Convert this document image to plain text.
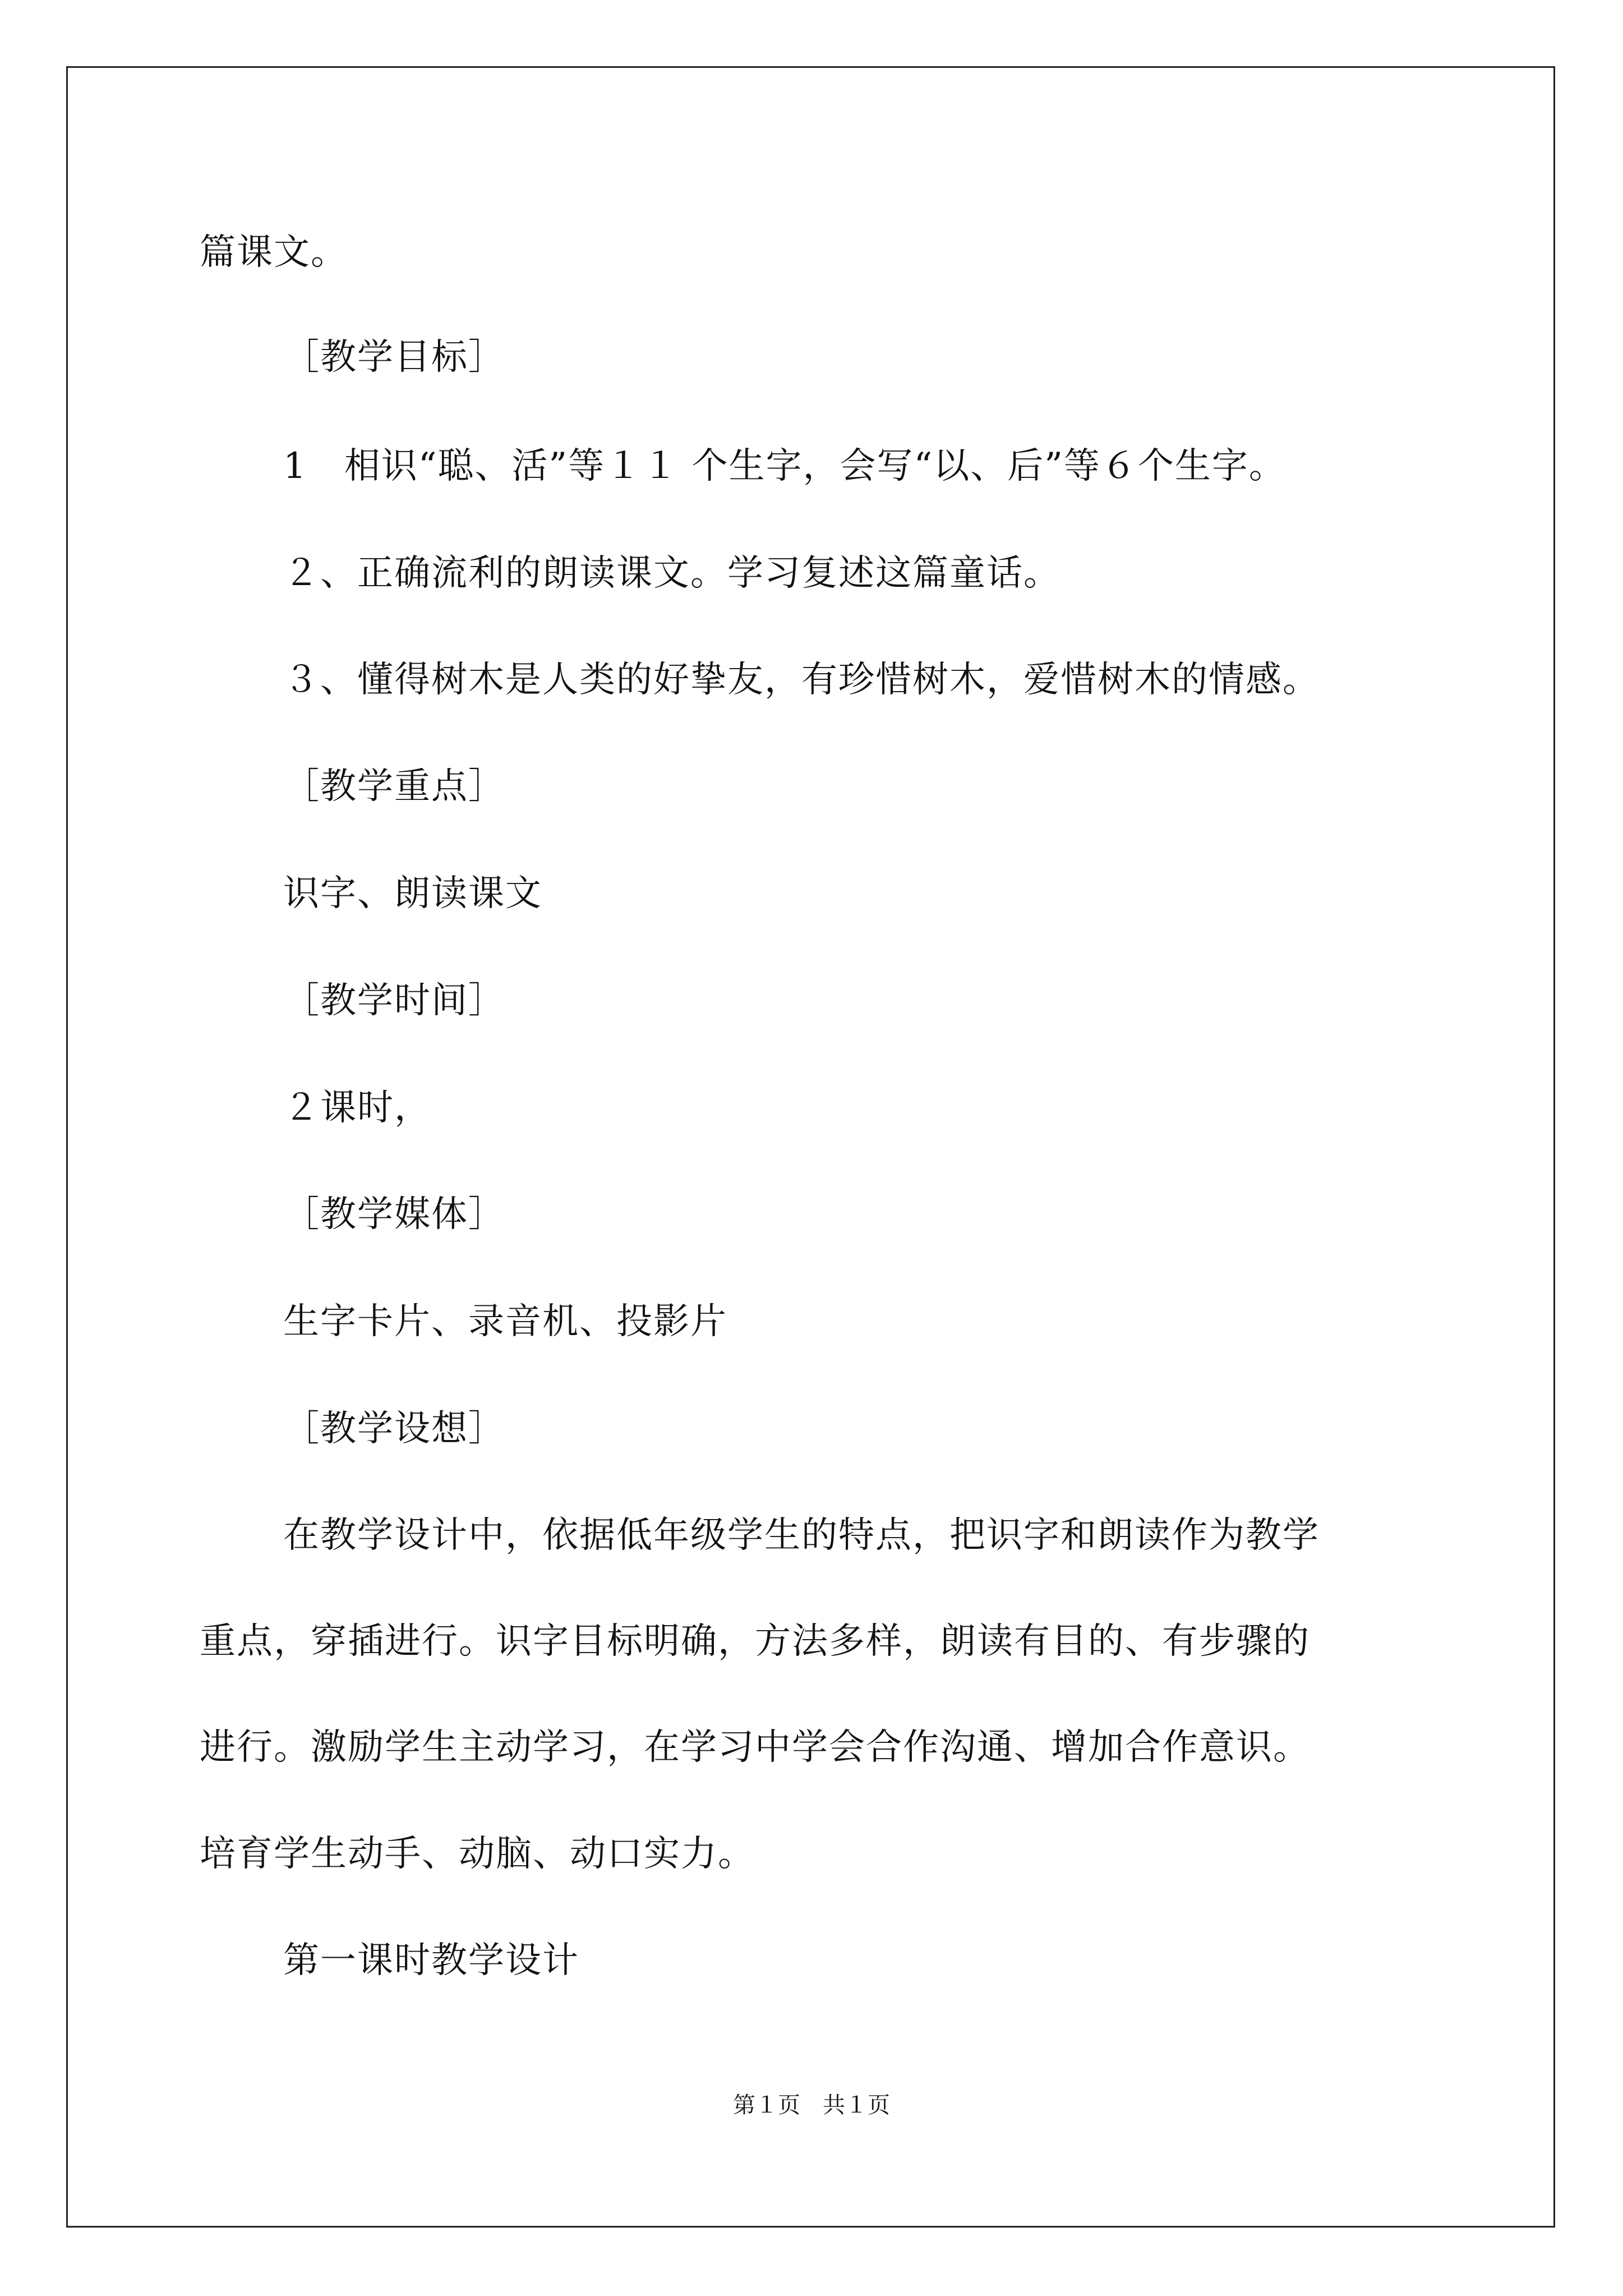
篇课文。
［教学目标］
1　相识“聪、活”等１１ 个生字，会写“以、后”等６个生字。
２、正确流利的朗读课文。学习复述这篇童话。
３、懂得树木是人类的好挚友，有珍惜树木，爱惜树木的情感。
［教学重点］
识字、朗读课文
［教学时间］
２课时，
［教学媒体］
生字卡片、录音机、投影片
［教学设想］
在教学设计中，依据低年级学生的特点，把识字和朗读作为教学
重点，穿插进行。识字目标明确，方法多样，朗读有目的、有步骤的
进行。激励学生主动学习，在学习中学会合作沟通、增加合作意识。
培育学生动手、动脑、动口实力。
第一课时教学设计
第１页　共１页
